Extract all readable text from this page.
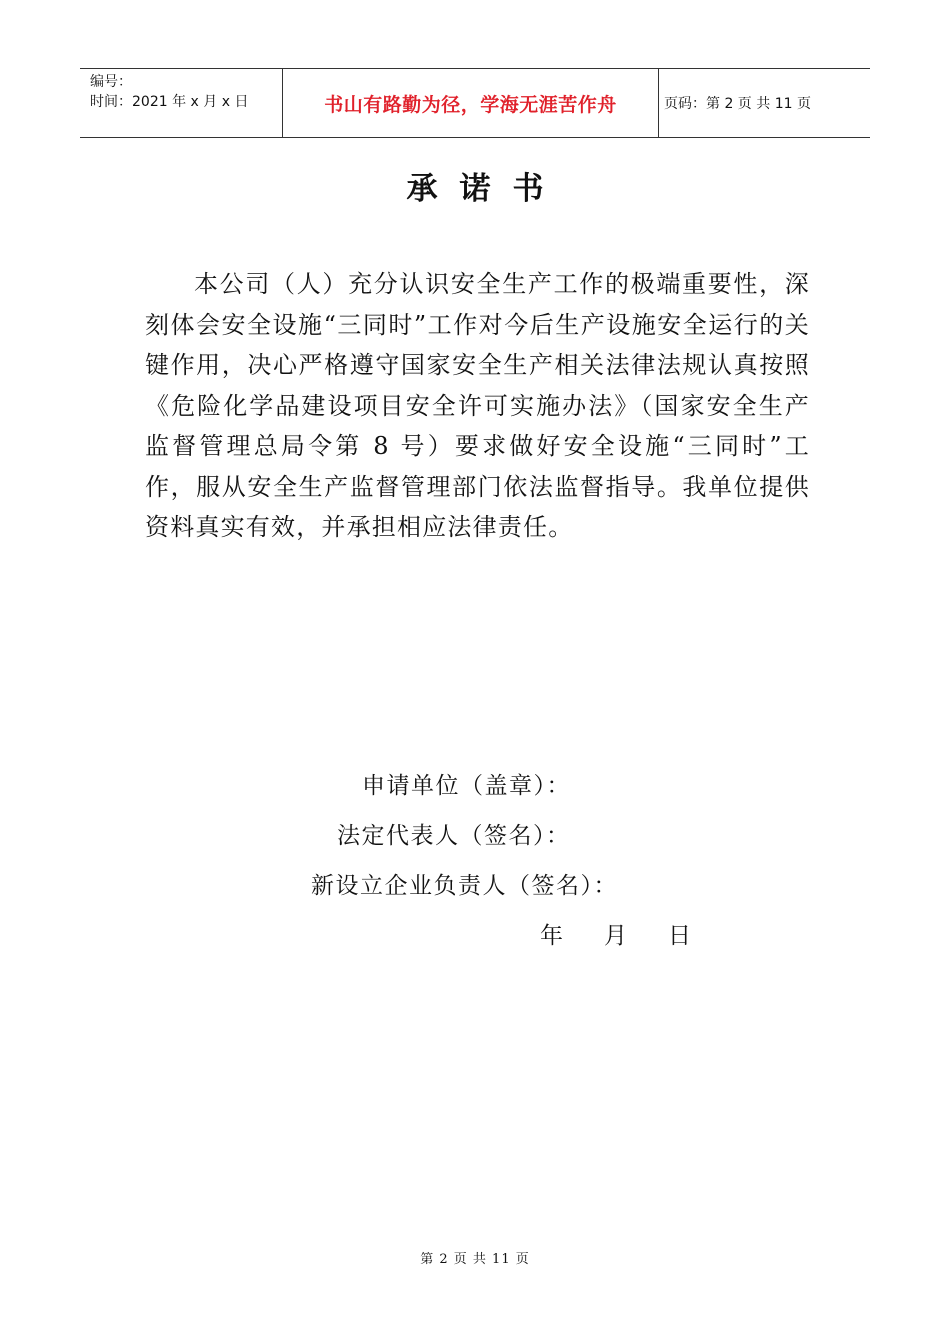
编号：
时间：2021 年 x 月 x 日	书山有路勤为径，学海无涯苦作舟	页码：第 2 页 共 11 页
承诺书

本公司（人）充分认识安全生产工作的极端重要性，深刻体会安全设施“三同时”工作对今后生产设施安全运行的关键作用，决心严格遵守国家安全生产相关法律法规认真按照《危险化学品建设项目安全许可实施办法》（国家安全生产监督管理总局令第 8 号）要求做好安全设施“三同时”工作，服从安全生产监督管理部门依法监督指导。我单位提供资料真实有效，并承担相应法律责任。

申请单位（盖章）：
法定代表人（签名）：
新设立企业负责人（签名）：
年	月	日
第 2 页 共 11 页
